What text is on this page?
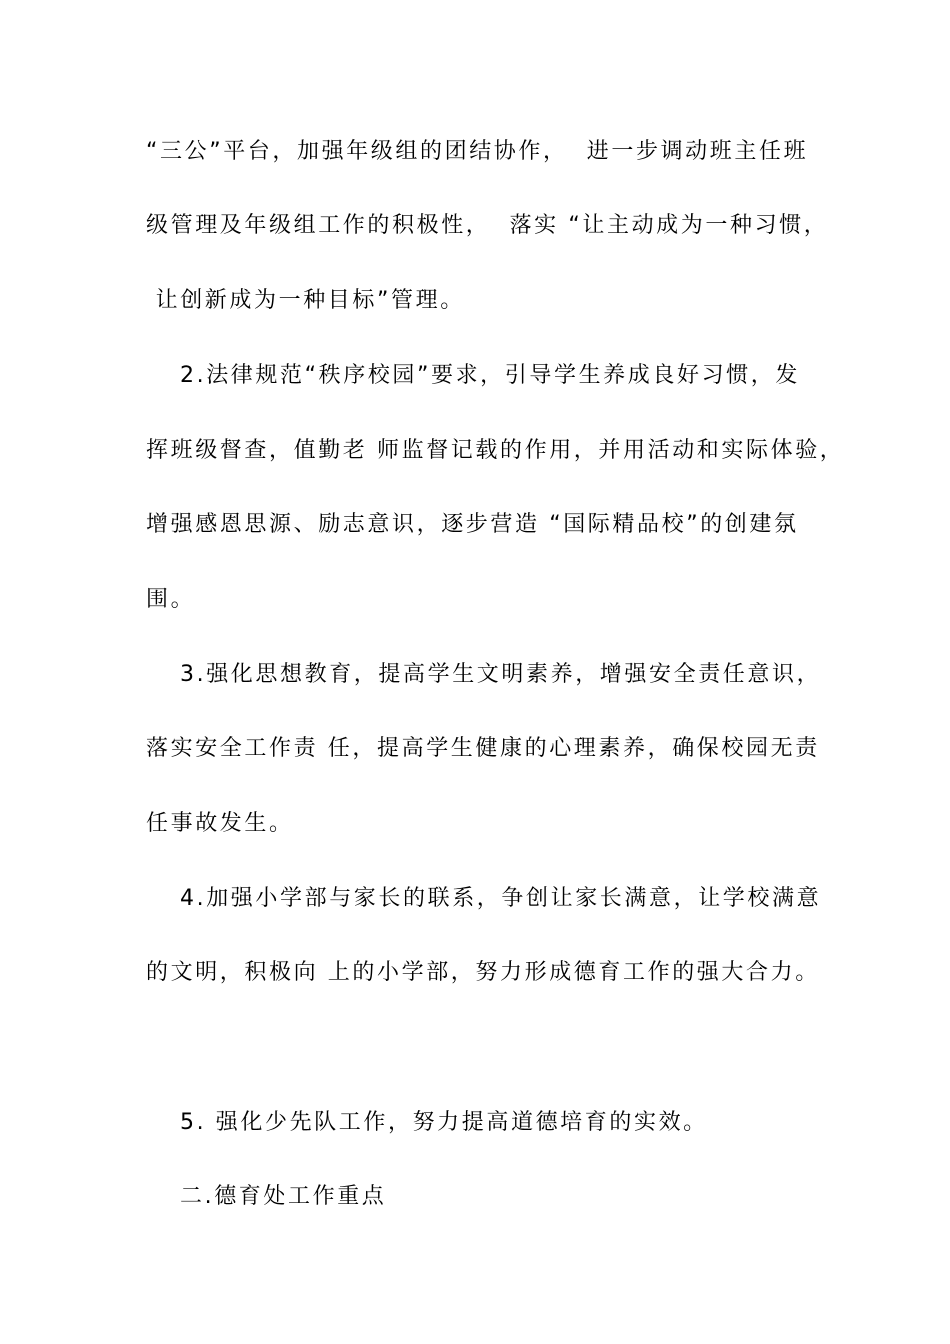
“三公”平台，加强年级组的团结协作，  进一步调动班主任班
级管理及年级组工作的积极性，  落实 “让主动成为一种习惯，
让创新成为一种目标”管理。
2.法律规范“秩序校园”要求，引导学生养成良好习惯，发
挥班级督查，值勤老 师监督记载的作用，并用活动和实际体验，
增强感恩思源、励志意识，逐步营造 “国际精品校”的创建氛
围。
3.强化思想教育，提高学生文明素养，增强安全责任意识，
落实安全工作责 任，提高学生健康的心理素养，确保校园无责
任事故发生。
4.加强小学部与家长的联系，争创让家长满意，让学校满意
的文明，积极向 上的小学部，努力形成德育工作的强大合力。
5. 强化少先队工作，努力提高道德培育的实效。
二.德育处工作重点
